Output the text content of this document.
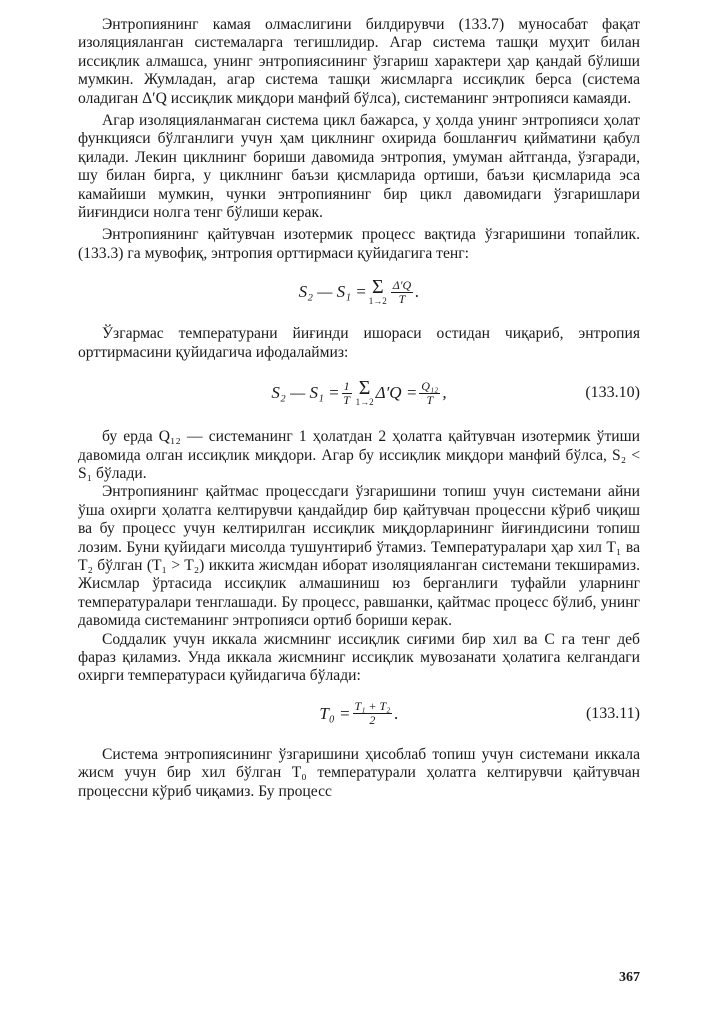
Энтропиянинг камая олмаслигини билдирувчи (133.7) муносабат фақат изоляцияланган системаларга тегишлидир. Агар система ташқи муҳит билан иссиқлик алмашса, унинг энтропиясининг ўзгариш характери ҳар қандай бўлиши мумкин. Жумладан, агар система ташқи жисмларга иссиқлик берса (система оладиган Δ′Q иссиқлик миқдори манфий бўлса), системанинг энтропияси камаяди.

Агар изоляцияланмаган система цикл бажарса, у ҳолда унинг энтропияси ҳолат функцияси бўлганлиги учун ҳам циклнинг охирида бошланғич қийматини қабул қилади. Лекин циклнинг бориши давомида энтропия, умуман айтганда, ўзгаради, шу билан бирга, у циклнинг баъзи қисмларида ортиши, баъзи қисмларида эса камайиши мумкин, чунки энтропиянинг бир цикл давомидаги ўзгаришлари йиғиндиси нолга тенг бўлиши керак.

Энтропиянинг қайтувчан изотермик процесс вақтида ўзгаришини топайлик. (133.3) га мувофиқ, энтропия орттирмаси қуйидагига тенг:

S₂ — S₁ = Σ
$1\to 2 \frac{\Delta'Q}{T}$ .

Ўзгармас температурани йиғинди ишораси остидан чиқариб, энтропия орттирмасини қуйидагича ифодалаймиз:

S₂ — $S_1 = \frac{1}{T}$ Σ
1→2 $\Delta'Q = \frac{\text{Q₁₂}}{T}$ ,	(133.10)

бу ерда Q₁₂ — системанинг 1 ҳолатдан 2 ҳолатга қайтувчан изотермик ўтиши давомида олган иссиқлик миқдори. Агар бу иссиқлик миқдори манфий бўлса, S₂ < S₁ бўлади.

Энтропиянинг қайтмас процессдаги ўзгаришини топиш учун системани айни ўша охирги ҳолатга келтирувчи қандайдир бир қайтувчан процессни кўриб чиқиш ва бу процесс учун келтирилган иссиқлик миқдорларининг йиғиндисини топиш лозим. Буни қуйидаги мисолда тушунтириб ўтамиз. Температуралари ҳар хил T₁ ва T₂ бўлган (T₁ > T₂) иккита жисмдан иборат изоляцияланган системани текширамиз. Жисмлар ўртасида иссиқлик алмашиниш юз берганлиги туфайли уларнинг температуралари тенглашади. Бу процесс, равшанки, қайтмас процесс бўлиб, унинг давомида системанинг энтропияси ортиб бориши керак.

Соддалик учун иккала жисмнинг иссиқлик сиғими бир хил ва C га тенг деб фараз қиламиз. Унда иккала жисмнинг иссиқлик мувозанати ҳолатига келгандаги охирги температураси қуйидагича бўлади:

$T_0 = \frac{\text{T₁ + T₂}}{2}$ .	(133.11)

Система энтропиясининг ўзгаришини ҳисоблаб топиш учун системани иккала жисм учун бир хил бўлган T₀ температурали ҳолатга келтирувчи қайтувчан процессни кўриб чиқамиз. Бу процесс

367
